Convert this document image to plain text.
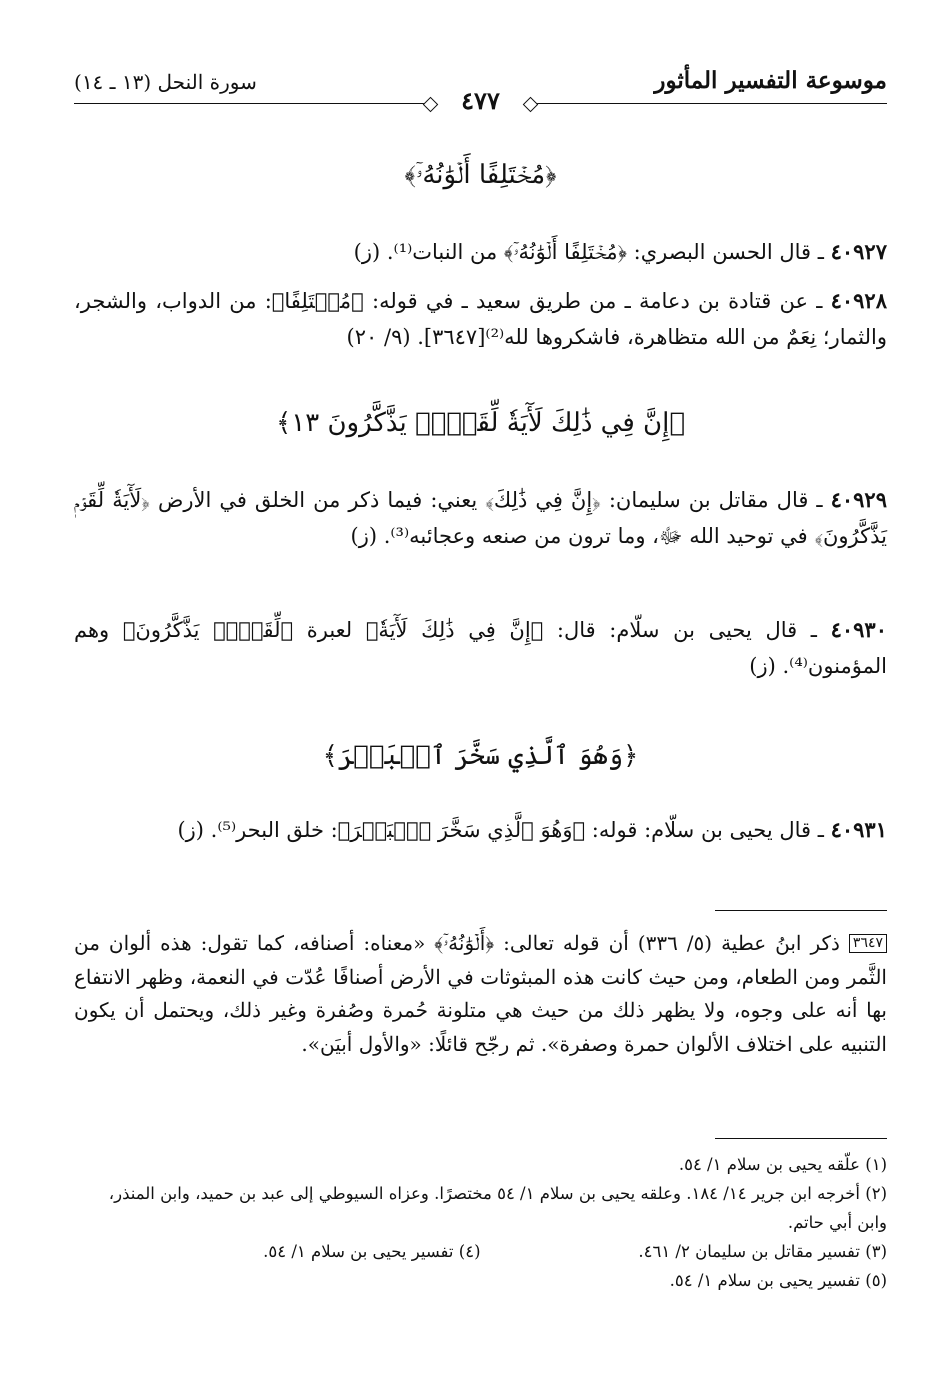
موسوعة التفسير المأثور
سورة النحل (١٣ ـ ١٤)
٤٧٧
﴿مُخۡتَلِفًا أَلۡوَٰنُهُۥٓ﴾
٤٠٩٢٧ ـ قال الحسن البصري: ﴿مُخۡتَلِفًا أَلۡوَٰنُهُۥٓ﴾ من النبات⁽¹⁾. (ز)
٤٠٩٢٨ ـ عن قتادة بن دعامة ـ من طريق سعيد ـ في قوله: ﴿مُخۡتَلِفًا﴾: من الدواب، والشجر، والثمار؛ نِعَمٌ من الله متظاهرة، فاشكروها لله⁽²⁾[٣٦٤٧]. (٩/ ٢٠)
﴿إِنَّ فِي ذَٰلِكَ لَأٓيَةٗ لِّقَوۡمٖ يَذَّكَّرُونَ ١٣﴾
٤٠٩٢٩ ـ قال مقاتل بن سليمان: ﴿إِنَّ فِي ذَٰلِكَ﴾ يعني: فيما ذكر من الخلق في الأرض ﴿لَأٓيَةٗ لِّقَوۡمٖ يَذَّكَّرُونَ﴾ في توحيد الله ﷻ، وما ترون من صنعه وعجائبه⁽³⁾. (ز)
٤٠٩٣٠ ـ قال يحيى بن سلّام: قال: ﴿إِنَّ فِي ذَٰلِكَ لَأٓيَةٗ﴾ لعبرة ﴿لِّقَوۡمٖ يَذَّكَّرُونَ﴾ وهم المؤمنون⁽⁴⁾. (ز)
﴿وَهُوَ ٱلَّذِي سَخَّرَ ٱلۡبَحۡرَ﴾
٤٠٩٣١ ـ قال يحيى بن سلّام: قوله: ﴿وَهُوَ ٱلَّذِي سَخَّرَ ٱلۡبَحۡرَ﴾: خلق البحر⁽⁵⁾. (ز)
٣٦٤٧ ذكر ابنُ عطية (٥/ ٣٣٦) أن قوله تعالى: ﴿أَلۡوَٰنُهُۥٓ﴾ «معناه: أصنافه، كما تقول: هذه ألوان من الثَّمر ومن الطعام، ومن حيث كانت هذه المبثوثات في الأرض أصنافًا عُدّت في النعمة، وظهر الانتفاع بها أنه على وجوه، ولا يظهر ذلك من حيث هي متلونة حُمرة وصُفرة وغير ذلك، ويحتمل أن يكون التنبيه على اختلاف الألوان حمرة وصفرة». ثم رجّح قائلًا: «والأول أبيَن».
(١) علّقه يحيى بن سلام ١/ ٥٤.
(٢) أخرجه ابن جرير ١٤/ ١٨٤. وعلقه يحيى بن سلام ١/ ٥٤ مختصرًا. وعزاه السيوطي إلى عبد بن حميد، وابن المنذر، وابن أبي حاتم.
(٣) تفسير مقاتل بن سليمان ٢/ ٤٦١.
(٤) تفسير يحيى بن سلام ١/ ٥٤.
(٥) تفسير يحيى بن سلام ١/ ٥٤.
